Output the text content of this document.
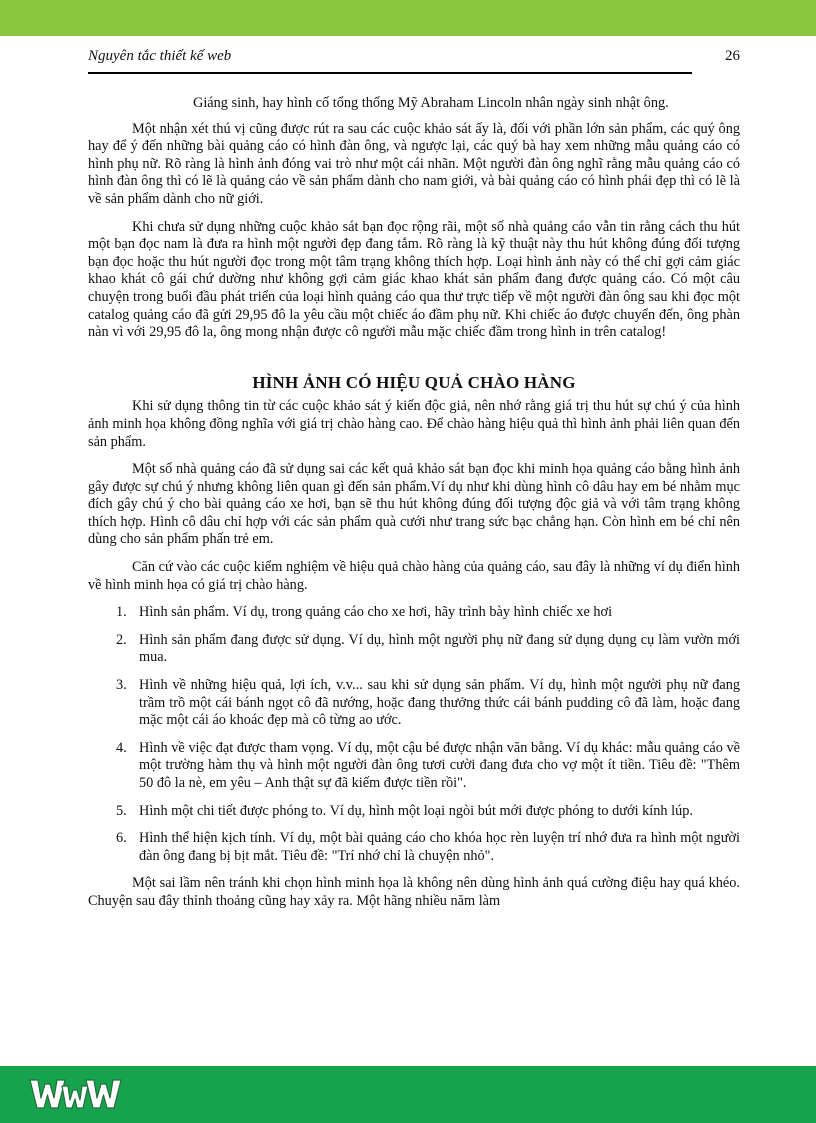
Nguyên tắc thiết kế web	26

Giáng sinh, hay hình cố tổng thống Mỹ Abraham Lincoln nhân ngày sinh nhật ông.

Một nhận xét thú vị cũng được rút ra sau các cuộc khảo sát ấy là, đối với phần lớn sản phẩm, các quý ông hay để ý đến những bài quảng cáo có hình đàn ông, và ngược lại, các quý bà hay xem những mẫu quảng cáo có hình phụ nữ. Rõ ràng là hình ảnh đóng vai trò như một cái nhãn. Một người đàn ông nghĩ rằng mẫu quảng cáo có hình đàn ông thì có lẽ là quảng cáo về sản phẩm dành cho nam giới, và bài quảng cáo có hình phái đẹp thì có lẽ là về sản phẩm dành cho nữ giới.

Khi chưa sử dụng những cuộc khảo sát bạn đọc rộng rãi, một số nhà quảng cáo vẫn tin rằng cách thu hút một bạn đọc nam là đưa ra hình một người đẹp đang tắm. Rõ ràng là kỹ thuật này thu hút không đúng đối tượng bạn đọc hoặc thu hút người đọc trong một tâm trạng không thích hợp. Loại hình ảnh này có thể chỉ gợi cảm giác khao khát cô gái chứ dường như không gợi cảm giác khao khát sản phẩm đang được quảng cáo. Có một câu chuyện trong buổi đầu phát triển của loại hình quảng cáo qua thư trực tiếp về một người đàn ông sau khi đọc một catalog quảng cáo đã gửi 29,95 đô la yêu cầu một chiếc áo đầm phụ nữ. Khi chiếc áo được chuyển đến, ông phàn nàn vì với 29,95 đô la, ông mong nhận được cô người mẫu mặc chiếc đầm trong hình in trên catalog!

HÌNH ẢNH CÓ HIỆU QUẢ CHÀO HÀNG

Khi sử dụng thông tin từ các cuộc khảo sát ý kiến độc giả, nên nhớ rằng giá trị thu hút sự chú ý của hình ảnh minh họa không đồng nghĩa với giá trị chào hàng cao. Để chào hàng hiệu quả thì hình ảnh phải liên quan đến sản phẩm.

Một số nhà quảng cáo đã sử dụng sai các kết quả khảo sát bạn đọc khi minh họa quảng cáo bằng hình ảnh gây được sự chú ý nhưng không liên quan gì đến sản phẩm.Ví dụ như khi dùng hình cô dâu hay em bé nhằm mục đích gây chú ý cho bài quảng cáo xe hơi, bạn sẽ thu hút không đúng đối tượng độc giả và với tâm trạng không thích hợp. Hình cô dâu chỉ hợp với các sản phẩm quà cưới như trang sức bạc chẳng hạn. Còn hình em bé chỉ nên dùng cho sản phẩm phấn trẻ em.

Căn cứ vào các cuộc kiểm nghiệm về hiệu quả chào hàng của quảng cáo, sau đây là những ví dụ điển hình về hình minh họa có giá trị chào hàng.

1. Hình sản phẩm. Ví dụ, trong quảng cáo cho xe hơi, hãy trình bày hình chiếc xe hơi
2. Hình sản phẩm đang được sử dụng. Ví dụ, hình một người phụ nữ đang sử dụng dụng cụ làm vườn mới mua.
3. Hình về những hiệu quả, lợi ích, v.v... sau khi sử dụng sản phẩm. Ví dụ, hình một người phụ nữ đang trầm trồ một cái bánh ngọt cô đã nướng, hoặc đang thưởng thức cái bánh pudding cô đã làm, hoặc đang mặc một cái áo khoác đẹp mà cô từng ao ước.
4. Hình về việc đạt được tham vọng. Ví dụ, một cậu bé được nhận văn bằng. Ví dụ khác: mẫu quảng cáo về một trường hàm thụ và hình một người đàn ông tươi cười đang đưa cho vợ một ít tiền. Tiêu đề: "Thêm 50 đô la nè, em yêu – Anh thật sự đã kiếm được tiền rồi".
5. Hình một chi tiết được phóng to. Ví dụ, hình một loại ngòi bút mới được phóng to dưới kính lúp.
6. Hình thể hiện kịch tính. Ví dụ, một bài quảng cáo cho khóa học rèn luyện trí nhớ đưa ra hình một người đàn ông đang bị bịt mắt. Tiêu đề: "Trí nhớ chỉ là chuyện nhỏ".

Một sai lầm nên tránh khi chọn hình minh họa là không nên dùng hình ảnh quá cường điệu hay quá khéo. Chuyện sau đây thỉnh thoảng cũng hay xảy ra. Một hãng nhiều năm làm
